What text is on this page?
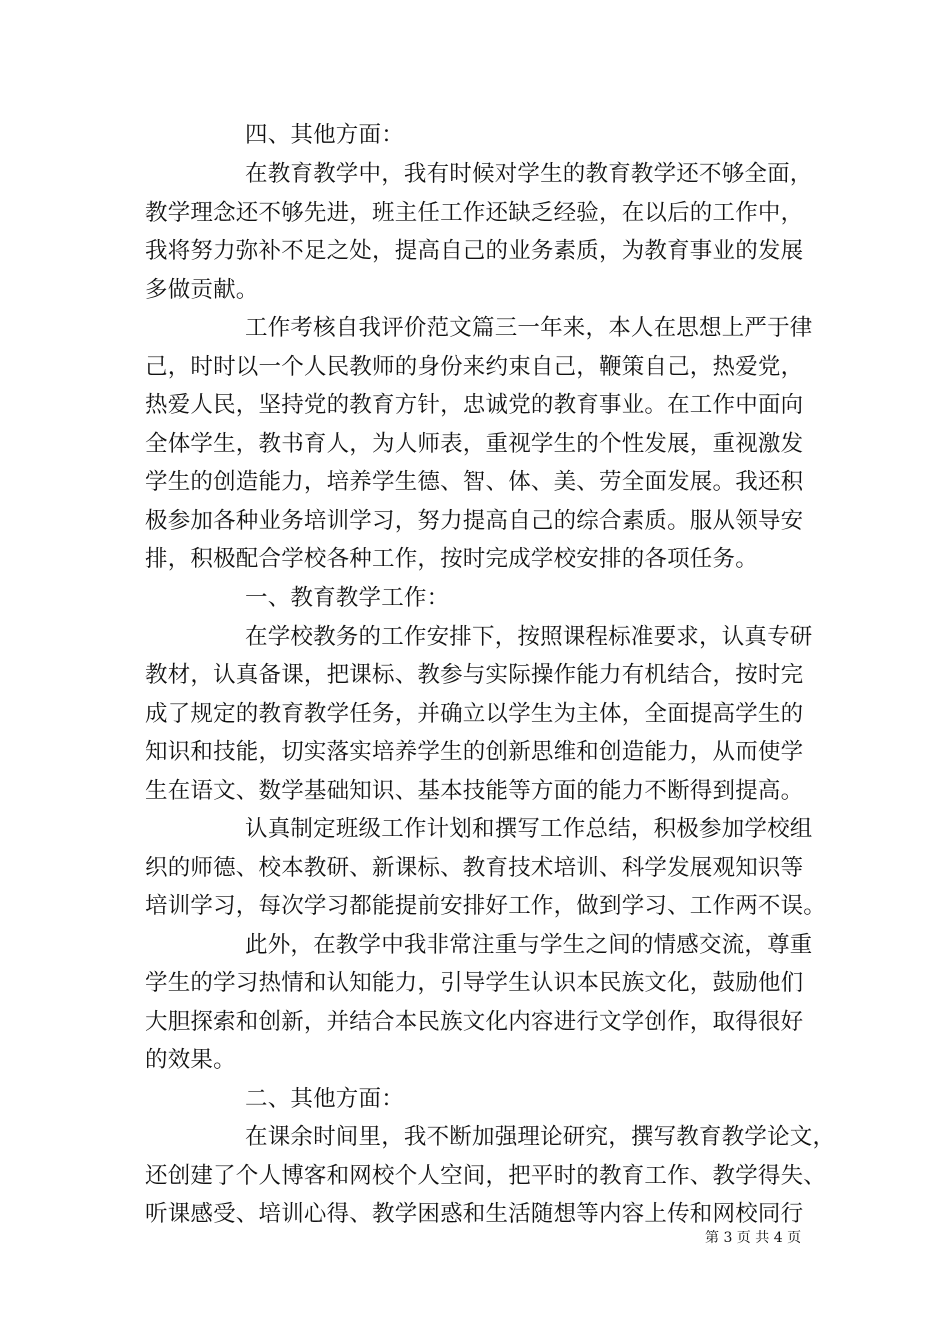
四、其他方面：
在教育教学中，我有时候对学生的教育教学还不够全面，
教学理念还不够先进，班主任工作还缺乏经验，在以后的工作中，
我将努力弥补不足之处，提高自己的业务素质，为教育事业的发展
多做贡献。
工作考核自我评价范文篇三一年来，本人在思想上严于律
己，时时以一个人民教师的身份来约束自己，鞭策自己，热爱党，
热爱人民，坚持党的教育方针，忠诚党的教育事业。在工作中面向
全体学生，教书育人，为人师表，重视学生的个性发展，重视激发
学生的创造能力，培养学生德、智、体、美、劳全面发展。我还积
极参加各种业务培训学习，努力提高自己的综合素质。服从领导安
排，积极配合学校各种工作，按时完成学校安排的各项任务。
一、教育教学工作：
在学校教务的工作安排下，按照课程标准要求，认真专研
教材，认真备课，把课标、教参与实际操作能力有机结合，按时完
成了规定的教育教学任务，并确立以学生为主体，全面提高学生的
知识和技能，切实落实培养学生的创新思维和创造能力，从而使学
生在语文、数学基础知识、基本技能等方面的能力不断得到提高。
认真制定班级工作计划和撰写工作总结，积极参加学校组
织的师德、校本教研、新课标、教育技术培训、科学发展观知识等
培训学习，每次学习都能提前安排好工作，做到学习、工作两不误。
此外，在教学中我非常注重与学生之间的情感交流，尊重
学生的学习热情和认知能力，引导学生认识本民族文化，鼓励他们
大胆探索和创新，并结合本民族文化内容进行文学创作，取得很好
的效果。
二、其他方面：
在课余时间里，我不断加强理论研究，撰写教育教学论文，
还创建了个人博客和网校个人空间，把平时的教育工作、教学得失、
听课感受、培训心得、教学困惑和生活随想等内容上传和网校同行
第 3 页 共 4 页
